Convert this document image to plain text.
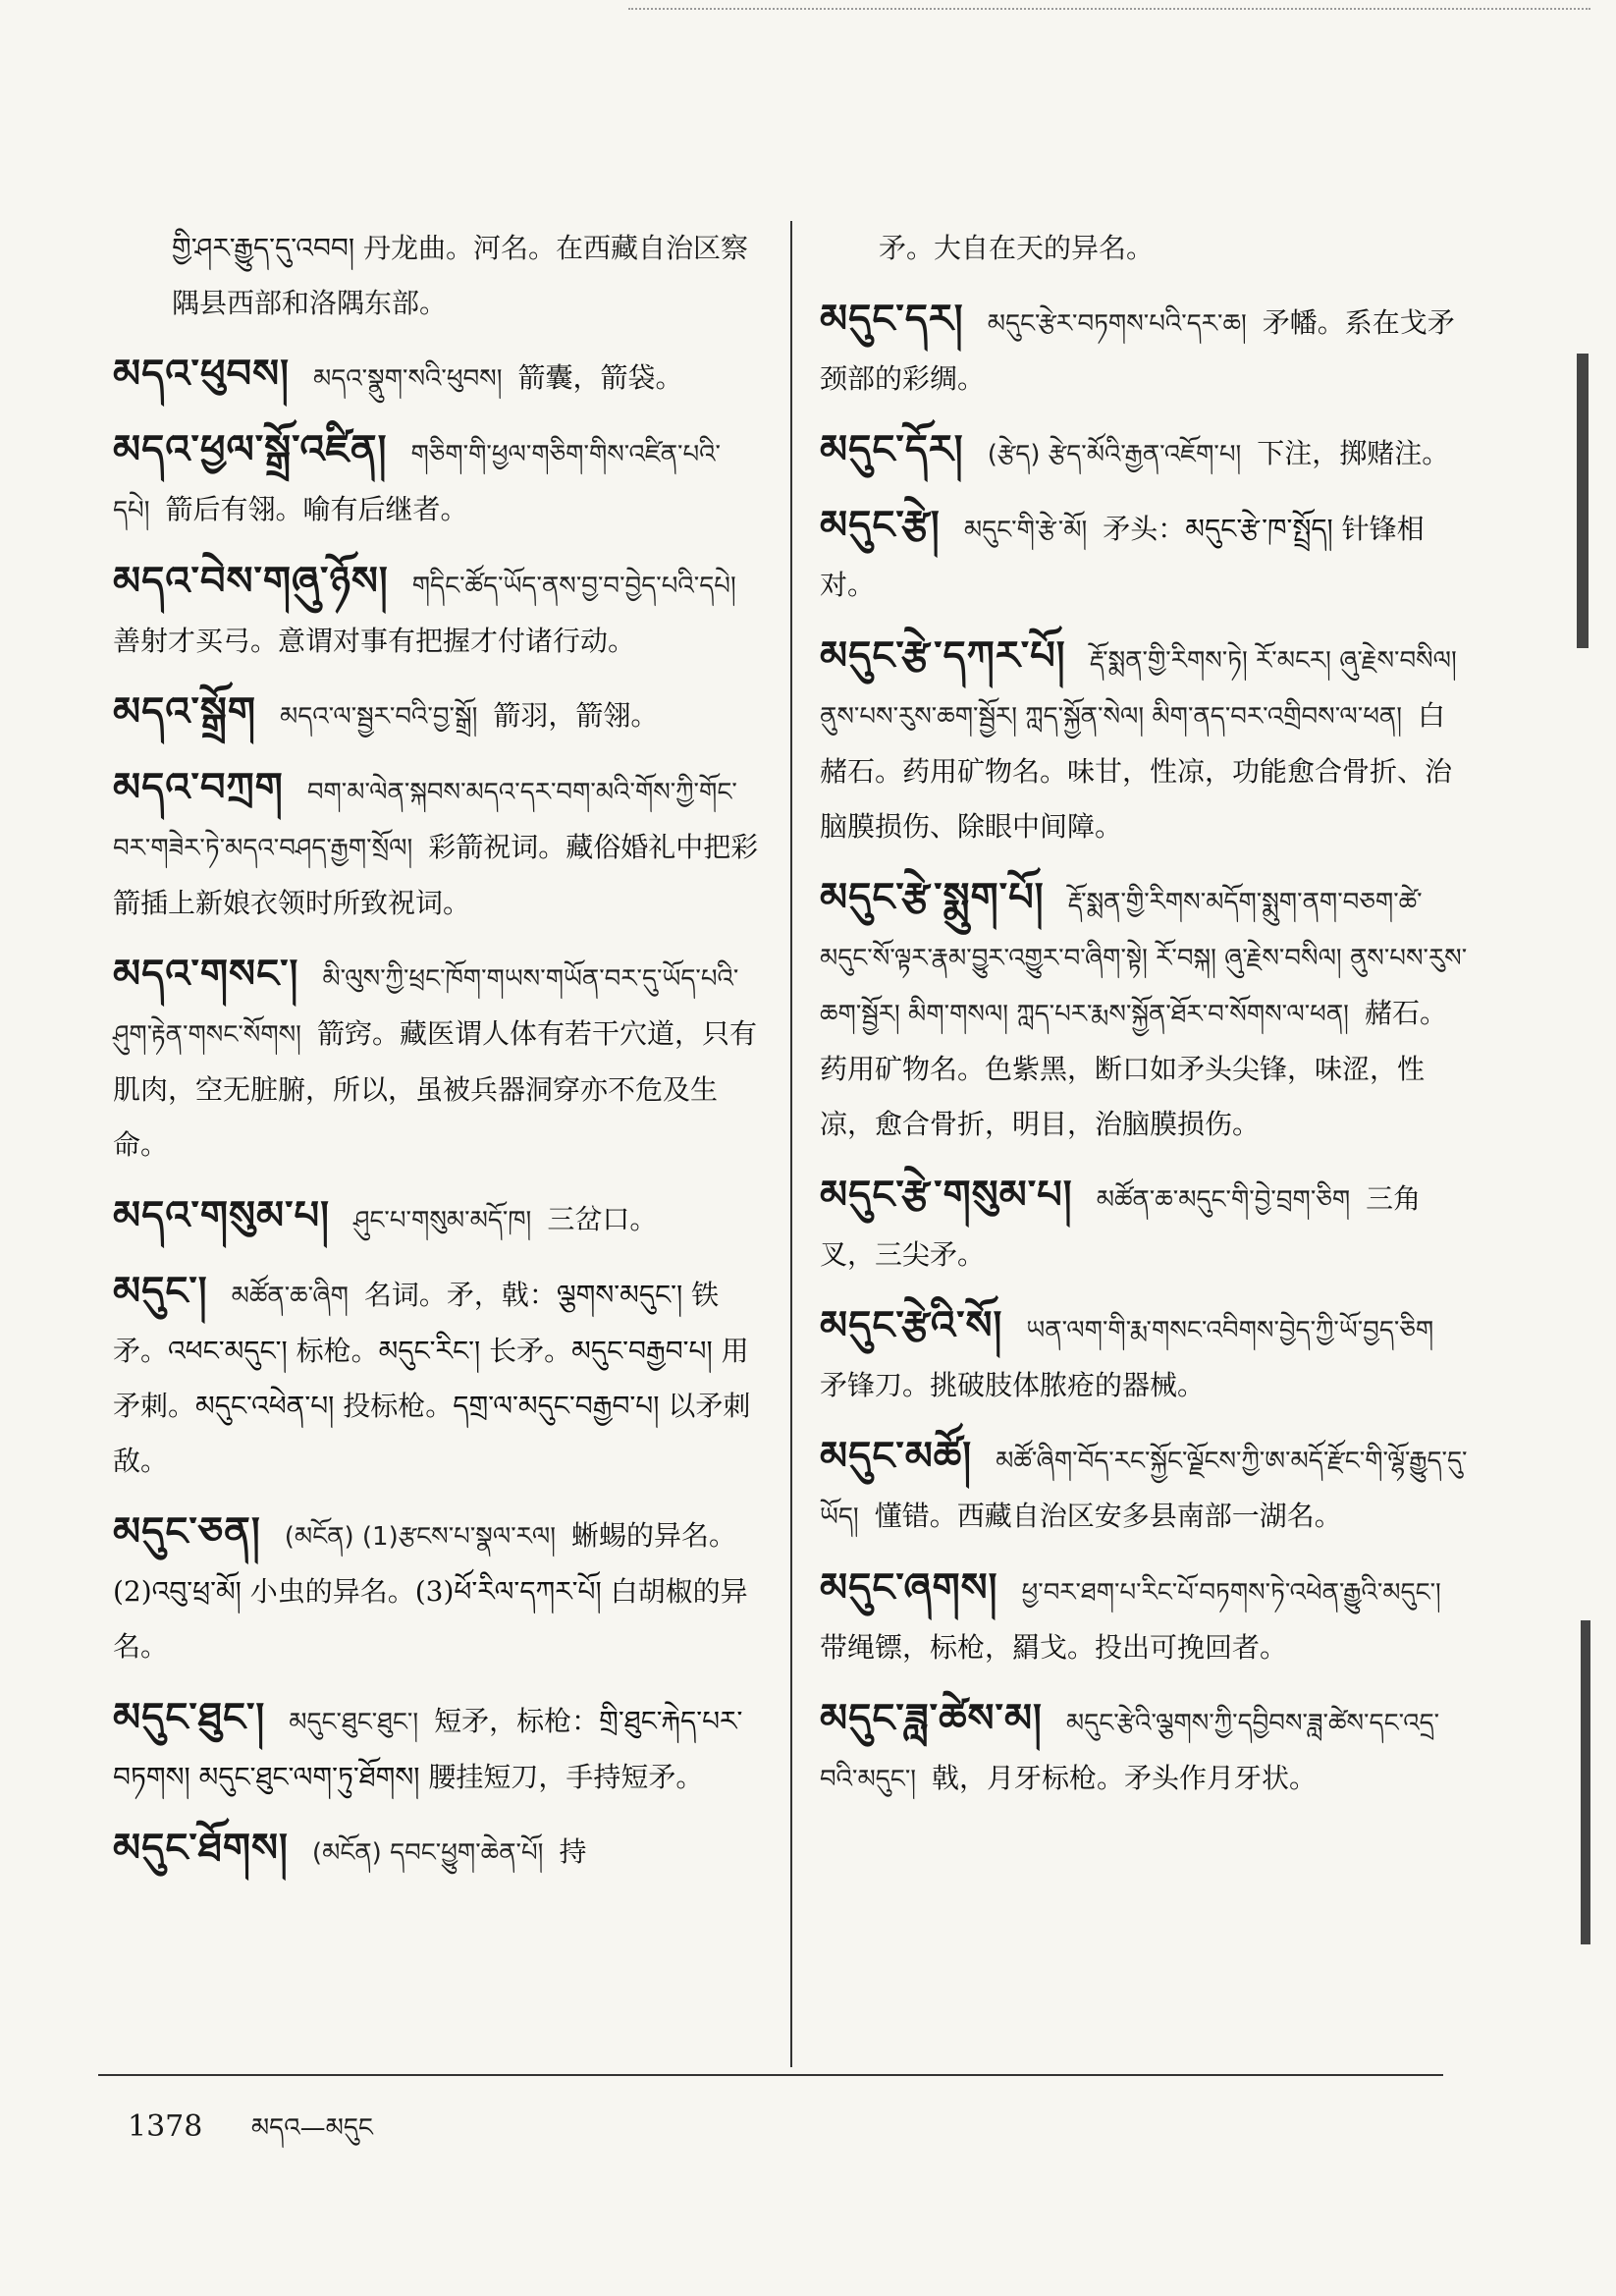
གྱི་ཤར་རྒྱུད་དུ་འབབ། 丹龙曲。河名。在西藏自治区察隅县西部和洛隅东部。
མདའ་ཕུབས། མདའ་སྣུག་སའི་ཕུབས། 箭囊，箭袋。
མདའ་ཕྱལ་སྒྲོ་འཛིན། གཅིག་གི་ཕྱལ་གཅིག་གིས་འཛིན་པའི་དཔེ། 箭后有翎。喻有后继者。
མདའ་བེས་གཞུ་ཉོས། གདིང་ཚོད་ཡོད་ནས་བྱ་བ་བྱེད་པའི་དཔེ།善射才买弓。意谓对事有把握才付诸行动。
མདའ་སྒྲོག མདའ་ལ་སྦྱར་བའི་བྱ་སྒྲོ། 箭羽，箭翎。
མདའ་བཀྲག བག་མ་ལེན་སྐབས་མདའ་དར་བག་མའི་གོས་ཀྱི་གོང་བར་གཟེར་ཏེ་མདའ་བཤད་རྒྱག་སྲོལ། 彩箭祝词。藏俗婚礼中把彩箭插上新娘衣领时所致祝词。
མདའ་གསང་། མི་ལུས་ཀྱི་ཕྲང་ཁོག་གཡས་གཡོན་བར་དུ་ཡོད་པའི་ཤུག་རྟེན་གསང་སོགས། 箭窍。藏医谓人体有若干穴道，只有肌肉，空无脏腑，所以，虽被兵器洞穿亦不危及生命。
མདའ་གསུམ་པ། ཤུང་པ་གསུམ་མདོ་ཁ། 三岔口。
མདུང་། མཚོན་ཆ་ཞིག 名词。矛，戟：ལྕགས་མདུང་། 铁矛。འཕང་མདུང་། 标枪。མདུང་རིང་། 长矛。མདུང་བརྒྱབ་པ། 用矛刺。མདུང་འཕེན་པ། 投标枪。དགྲ་ལ་མདུང་བརྒྱབ་པ། 以矛刺敌。
མདུང་ཅན། (མངོན) (1)རྩངས་པ་སྣལ་རལ། 蜥蜴的异名。(2)འབུ་ཕྲ་མོ། 小虫的异名。(3)ཕོ་རིལ་དཀར་པོ། 白胡椒的异名。
མདུང་ཐུང་། མདུང་ཐུང་ཐུང་། 短矛，标枪：གྲི་ཐུང་རྐེད་པར་བཏགས། མདུང་ཐུང་ལག་ཏུ་ཐོགས། 腰挂短刀，手持短矛。
མདུང་ཐོགས། (མངོན) དབང་ཕྱུག་ཆེན་པོ། 持
矛。大自在天的异名。
མདུང་དར། མདུང་རྩེར་བཏགས་པའི་དར་ཆ། 矛幡。系在戈矛颈部的彩绸。
མདུང་དོར། (རྩེད) རྩེད་མོའི་རྒྱན་འཇོག་པ། 下注，掷赌注。
མདུང་རྩེ། མདུང་གི་རྩེ་མོ། 矛头：མདུང་རྩེ་ཁ་སྤྲོད། 针锋相对。
མདུང་རྩེ་དཀར་པོ། རྡོ་སྨན་གྱི་རིགས་ཏེ། རོ་མངར། ཞུ་རྗེས་བསིལ། ནུས་པས་རུས་ཆག་སྦྱོར། ཀླད་སྐྱོན་སེལ། མིག་ནད་བར་འགྲིབས་ལ་ཕན། 白赭石。药用矿物名。味甘，性凉，功能愈合骨折、治脑膜损伤、除眼中间障。
མདུང་རྩེ་སྨུག་པོ། རྡོ་སྨན་གྱི་རིགས་མདོག་སྨུག་ནག་བཅག་ཚེ་མདུང་སོ་ལྟར་རྣམ་བྱུར་འགྱུར་བ་ཞིག་སྟེ། རོ་བསྐ། ཞུ་རྗེས་བསིལ། ནུས་པས་རུས་ཆག་སྦྱོར། མིག་གསལ། ཀླད་པར་རྨས་སྐྱོན་ཐོར་བ་སོགས་ལ་ཕན། 赭石。药用矿物名。色紫黑，断口如矛头尖锋，味涩，性凉，愈合骨折，明目，治脑膜损伤。
མདུང་རྩེ་གསུམ་པ། མཚོན་ཆ་མདུང་གི་བྱེ་བྲག་ཅིག 三角叉，三尖矛。
མདུང་རྩེའི་སོ། ཡན་ལག་གི་རྨ་གསང་འབིགས་བྱེད་ཀྱི་ཡོ་བྱད་ཅིག矛锋刀。挑破肢体脓疮的器械。
མདུང་མཚོ། མཚོ་ཞིག་བོད་རང་སྐྱོང་ལྗོངས་ཀྱི་ཨ་མདོ་རྫོང་གི་ལྷོ་རྒྱུད་དུ་ཡོད། 懂错。西藏自治区安多县南部一湖名。
མདུང་ཞགས། ཕྱ་བར་ཐག་པ་རིང་པོ་བཏགས་ཏེ་འཕེན་རྒྱུའི་མདུང་།带绳镖，标枪，羂戈。投出可挽回者。
མདུང་ཟླ་ཚེས་མ། མདུང་རྩེའི་ལྕགས་ཀྱི་དབྱིབས་ཟླ་ཚེས་དང་འདྲ་བའི་མདུང་། 戟，月牙标枪。矛头作月牙状。
1378 མདའ—མདུང
